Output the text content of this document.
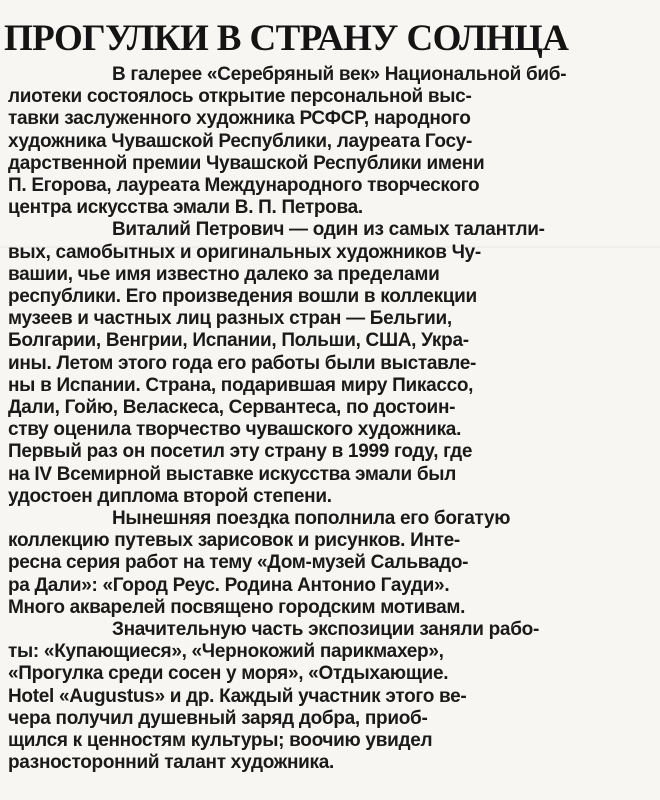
ПРОГУЛКИ В СТРАНУ СОЛНЦА
В галерее «Серебряный век» Национальной биб-
лиотеки состоялось открытие персональной выс-
тавки заслуженного художника РСФСР, народного
художника Чувашской Республики, лауреата Госу-
дарственной премии Чувашской Республики имени
П. Егорова, лауреата Международного творческого
центра искусства эмали В. П. Петрова.
Виталий Петрович — один из самых талантли-
вых, самобытных и оригинальных художников Чу-
вашии, чье имя известно далеко за пределами
республики. Его произведения вошли в коллекции
музеев и частных лиц разных стран — Бельгии,
Болгарии, Венгрии, Испании, Польши, США, Укра-
ины. Летом этого года его работы были выставле-
ны в Испании. Страна, подарившая миру Пикассо,
Дали, Гойю, Веласкеса, Сервантеса, по достоин-
ству оценила творчество чувашского художника.
Первый раз он посетил эту страну в 1999 году, где
на IV Всемирной выставке искусства эмали был
удостоен диплома второй степени.
Нынешняя поездка пополнила его богатую
коллекцию путевых зарисовок и рисунков. Инте-
ресна серия работ на тему «Дом-музей Сальвадо-
ра Дали»: «Город Реус. Родина Антонио Гауди».
Много акварелей посвящено городским мотивам.
Значительную часть экспозиции заняли рабо-
ты: «Купающиеся», «Чернокожий парикмахер»,
«Прогулка среди сосен у моря», «Отдыхающие.
Hotel «Augustus» и др. Каждый участник этого ве-
чера получил душевный заряд добра, приоб-
щился к ценностям культуры; воочию увидел
разносторонний талант художника.
